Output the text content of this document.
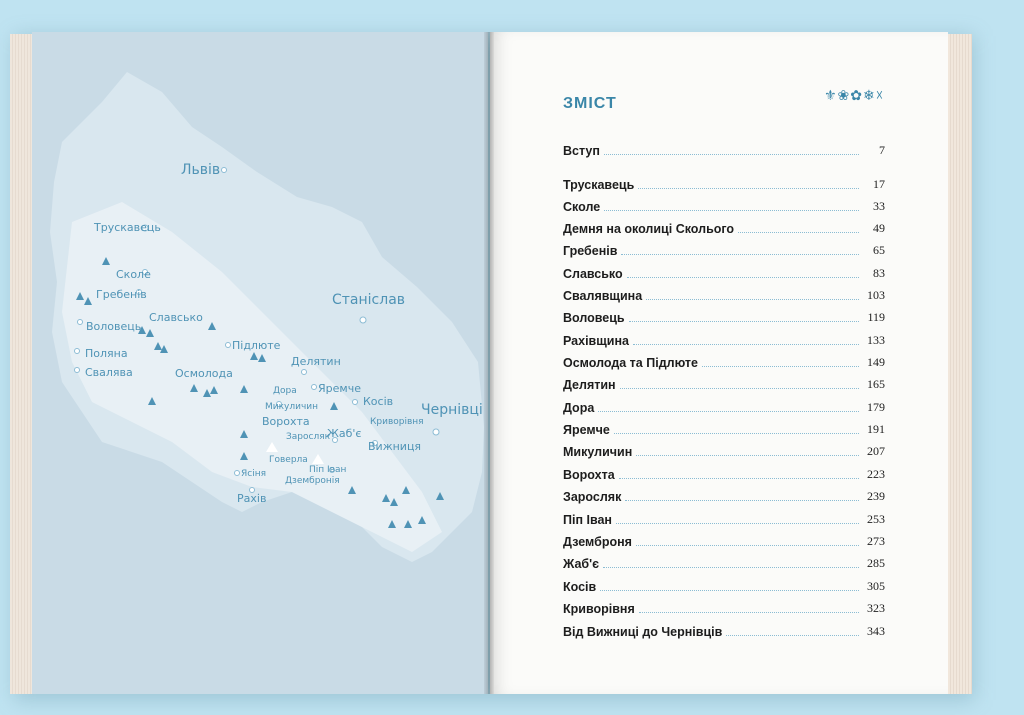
Львів
Трускавець
Сколе
Гребенів
Славсько
Воловець
Поляна
Свалява
Підлюте
Осмолода
Станіслав
Делятин
Дора Яремче
Микуличин	Косів
Ворохта	Криворівня
Чернівці
Заросляк
Жаб'є
Вижниця
Говерла
Піп Іван
Ясіня
Дзембронія
Рахів
ЗМІСТ	⚜❀✿❄☓
Вступ	7
Трускавець	17
Сколе	33
Демня на околиці Сколього	49
Гребенів	65
Славсько	83
Свалявщина	103
Воловець	119
Рахівщина	133
Осмолода та Підлюте	149
Делятин	165
Дора	179
Яремче	191
Микуличин	207
Ворохта	223
Заросляк	239
Піп Іван	253
Дземброня	273
Жаб'є	285
Косів	305
Криворівня	323
Від Вижниці до Чернівців	343
